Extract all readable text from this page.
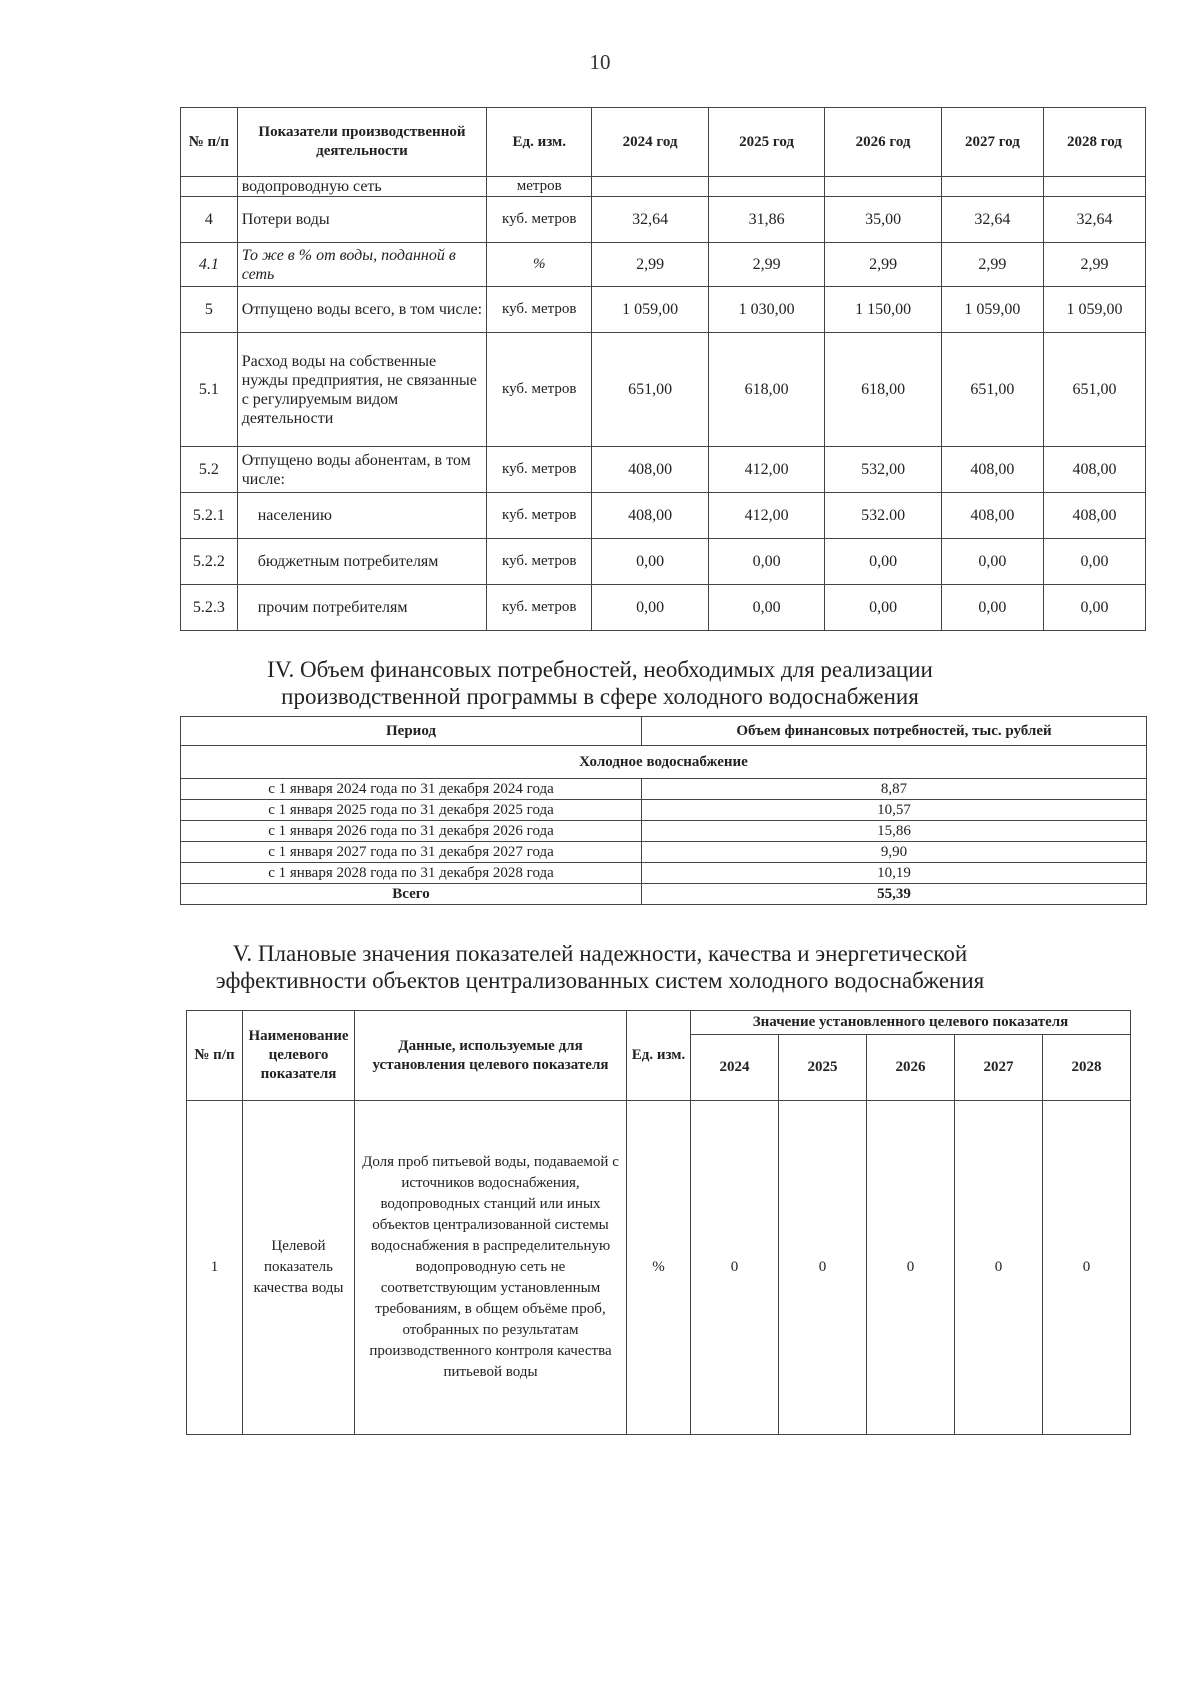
10
№ п/п	Показатели производственной деятельности	Ед. изм.	2024 год	2025 год	2026 год	2027 год	2028 год
	водопроводную сеть	метров					
4	Потери воды	куб. метров	32,64	31,86	35,00	32,64	32,64
4.1	То же в % от воды, поданной в сеть	%	2,99	2,99	2,99	2,99	2,99
5	Отпущено воды всего, в том числе:	куб. метров	1 059,00	1 030,00	1 150,00	1 059,00	1 059,00
5.1	Расход воды на собственные нужды предприятия, не связанные с регулируемым видом деятельности	куб. метров	651,00	618,00	618,00	651,00	651,00
5.2	Отпущено воды абонентам, в том числе:	куб. метров	408,00	412,00	532,00	408,00	408,00
5.2.1	населению	куб. метров	408,00	412,00	532.00	408,00	408,00
5.2.2	бюджетным потребителям	куб. метров	0,00	0,00	0,00	0,00	0,00
5.2.3	прочим потребителям	куб. метров	0,00	0,00	0,00	0,00	0,00
IV. Объем финансовых потребностей, необходимых для реализации
производственной программы в сфере холодного водоснабжения
Период	Объем финансовых потребностей, тыс. рублей
Холодное водоснабжение	
с 1 января 2024 года по 31 декабря 2024 года	8,87
с 1 января 2025 года по 31 декабря 2025 года	10,57
с 1 января 2026 года по 31 декабря 2026 года	15,86
с 1 января 2027 года по 31 декабря 2027 года	9,90
с 1 января 2028 года по 31 декабря 2028 года	10,19
Всего	55,39
V. Плановые значения показателей надежности, качества и энергетической
эффективности объектов централизованных систем холодного водоснабжения
№ п/п	Наименование целевого показателя	Данные, используемые для установления целевого показателя	Ед. изм.	Значение установленного целевого показателя				
				2024	2025	2026	2027	2028
1	Целевой показатель качества воды	Доля проб питьевой воды, подаваемой с источников водоснабжения, водопроводных станций или иных объектов централизованной системы водоснабжения в распределительную водопроводную сеть не соответствующим установленным требованиям, в общем объёме проб, отобранных по результатам производственного контроля качества питьевой воды	%	0	0	0	0	0
